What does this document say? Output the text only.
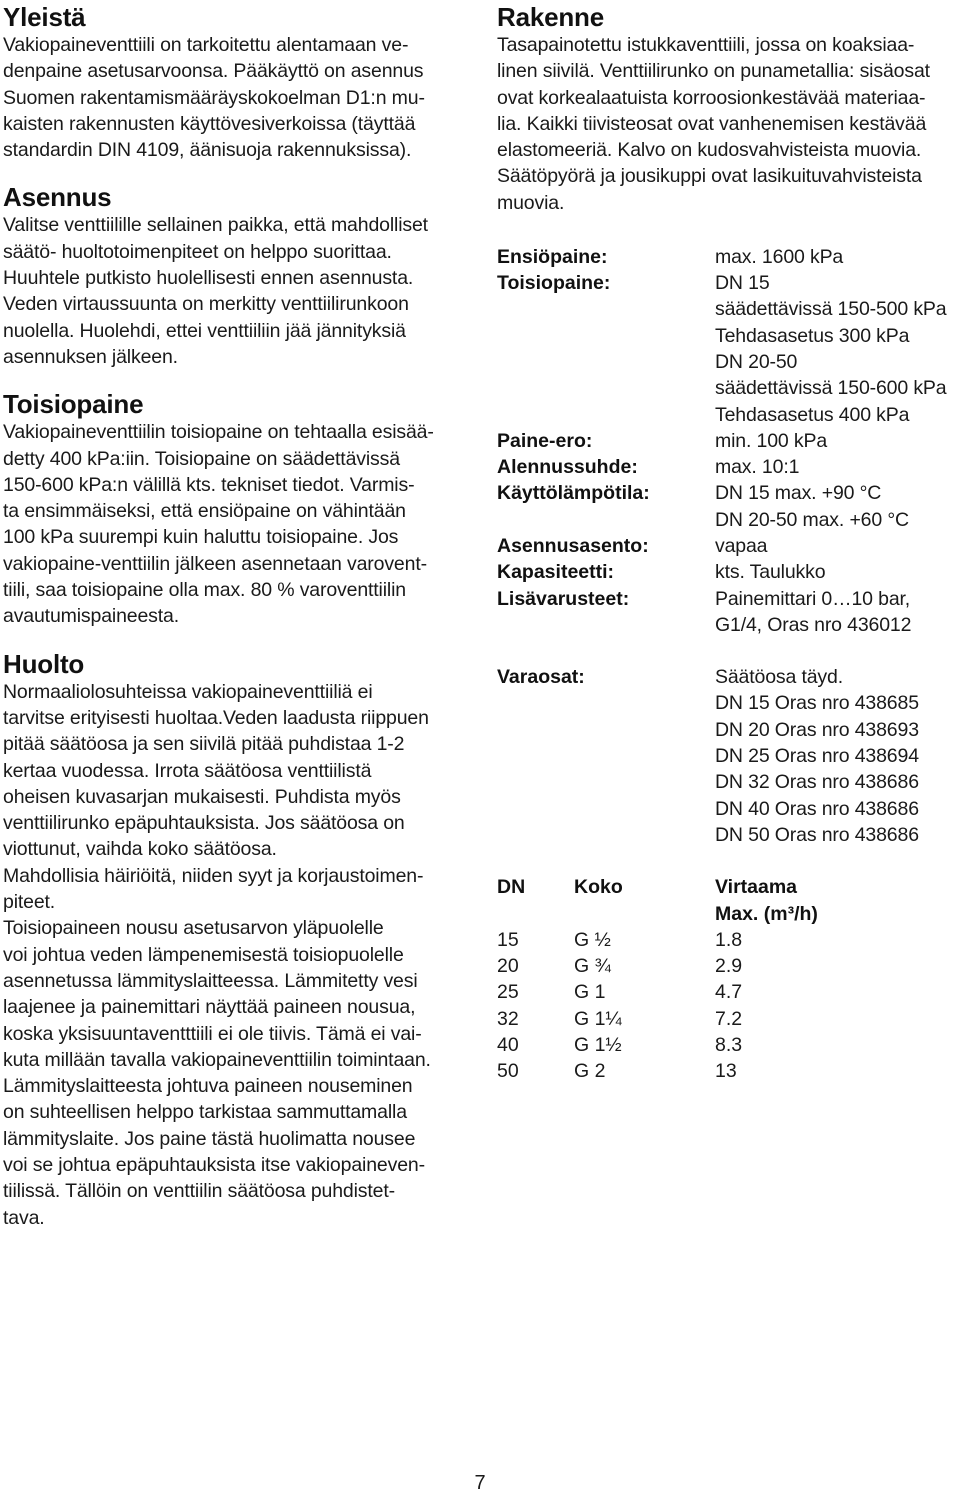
Yleistä
Vakiopaineventtiili on tarkoitettu alentamaan ve-
denpaine asetusarvoonsa. Pääkäyttö on asennus
Suomen rakentamismääräyskokoelman D1:n mu-
kaisten rakennusten käyttövesiverkoissa (täyttää
standardin DIN 4109, äänisuoja rakennuksissa).
Asennus
Valitse venttiilille sellainen paikka, että mahdolliset
säätö- huoltotoimenpiteet on helppo suorittaa.
Huuhtele putkisto huolellisesti ennen asennusta.
Veden virtaussuunta on merkitty venttiilirunkoon
nuolella. Huolehdi, ettei venttiiliin jää jännityksiä
asennuksen jälkeen.
Toisiopaine
Vakiopaineventtiilin toisiopaine on tehtaalla esisää-
detty 400 kPa:iin. Toisiopaine on säädettävissä
150-600 kPa:n välillä kts. tekniset tiedot. Varmis-
ta ensimmäiseksi, että ensiöpaine on vähintään
100 kPa suurempi kuin haluttu toisiopaine. Jos
vakiopaine-venttiilin jälkeen asennetaan varovent-
tiili, saa toisiopaine olla max. 80 % varoventtiilin
avautumispaineesta.
Huolto
Normaaliolosuhteissa vakiopaineventtiiliä ei
tarvitse erityisesti huoltaa.Veden laadusta riippuen
pitää säätöosa ja sen siivilä pitää puhdistaa 1-2
kertaa vuodessa. Irrota säätöosa venttiilistä
oheisen kuvasarjan mukaisesti. Puhdista myös
venttiilirunko epäpuhtauksista. Jos säätöosa on
viottunut, vaihda koko säätöosa.
Mahdollisia häiriöitä, niiden syyt ja korjaustoimen-
piteet.
Toisiopaineen nousu asetusarvon yläpuolelle
voi johtua veden lämpenemisestä toisiopuolelle
asennetussa lämmityslaitteessa. Lämmitetty vesi
laajenee ja painemittari näyttää paineen nousua,
koska yksisuuntaventttiili ei ole tiivis. Tämä ei vai-
kuta millään tavalla vakiopaineventtiilin toimintaan.
Lämmityslaitteesta johtuva paineen nouseminen
on suhteellisen helppo tarkistaa sammuttamalla
lämmityslaite. Jos paine tästä huolimatta nousee
voi se johtua epäpuhtauksista itse vakiopaineven-
tiilissä. Tällöin on venttiilin säätöosa puhdistet-
tava.
Rakenne
Tasapainotettu istukkaventtiili, jossa on koaksiaa-
linen siivilä. Venttiilirunko on punametallia: sisäosat
ovat korkealaatuista korroosionkestävää materiaa-
lia. Kaikki tiivisteosat ovat vanhenemisen kestävää
elastomeeriä. Kalvo on kudosvahvisteista muovia.
Säätöpyörä ja jousikuppi ovat lasikuituvahvisteista
muovia.
Ensiöpaine:	max. 1600 kPa
Toisiopaine:	DN 15
säädettävissä 150-500 kPa
Tehdasasetus 300 kPa
DN 20-50
säädettävissä 150-600 kPa
Tehdasasetus 400 kPa
Paine-ero:	min. 100 kPa
Alennussuhde:	max. 10:1
Käyttölämpötila:	DN 15 max. +90 °C
DN 20-50 max. +60 °C
Asennusasento:	vapaa
Kapasiteetti:	kts. Taulukko
Lisävarusteet:	Painemittari 0…10 bar,
G1/4, Oras nro 436012
Varaosat:	Säätöosa täyd.
DN 15 Oras nro 438685
DN 20 Oras nro 438693
DN 25 Oras nro 438694
DN 32 Oras nro 438686
DN 40 Oras nro 438686
DN 50 Oras nro 438686
DN	Koko	Virtaama
		Max. (m³/h)
15	G ½	1.8
20	G ¾	2.9
25	G 1	4.7
32	G 1¼	7.2
40	G 1½	8.3
50	G 2	13
7
